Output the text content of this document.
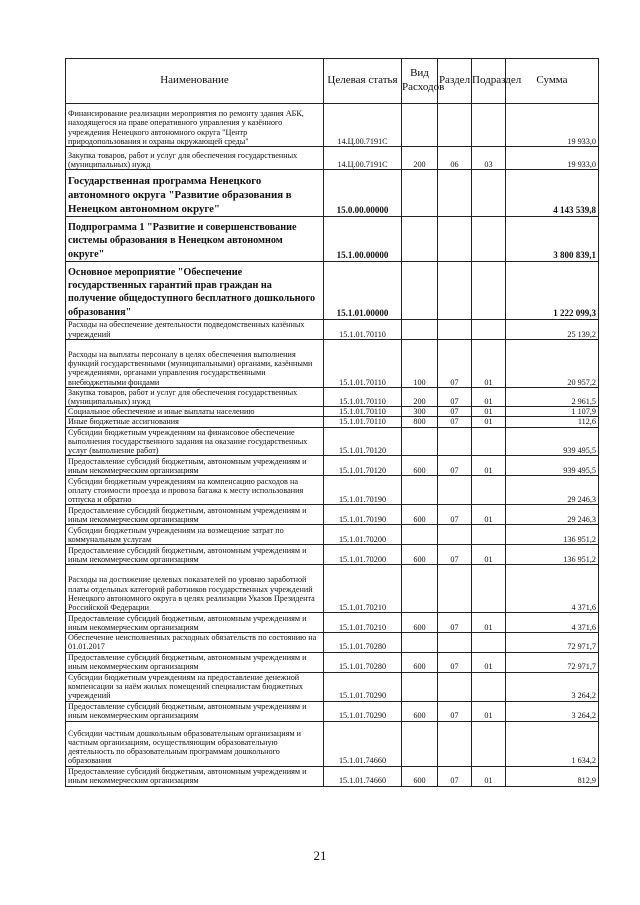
Наименование	Целевая статья	Вид Расходов	Раздел	Подраздел	Сумма
Финансирование реализации мероприятия по ремонту здания АБК, находящегося на праве оперативного управления у казённого учреждения Ненецкого автономного округа "Центр природопользования и охраны окружающей среды"	14.Ц.00.7191С				19 933,0
Закупка товаров, работ и услуг для обеспечения государственных (муниципальных) нужд	14.Ц.00.7191С	200	06	03	19 933,0
Государственная программа Ненецкого автономного округа "Развитие образования в Ненецком автономном округе"	15.0.00.00000				4 143 539,8
Подпрограмма 1 "Развитие и совершенствование системы образования в Ненецком автономном округе"	15.1.00.00000				3 800 839,1
Основное мероприятие "Обеспечение государственных гарантий прав граждан на получение общедоступного бесплатного дошкольного образования"	15.1.01.00000				1 222 099,3
Расходы на обеспечение деятельности подведомственных казённых учреждений	15.1.01.70110				25 139,2
Расходы на выплаты персоналу в целях обеспечения выполнения функций государственными (муниципальными) органами, казёнными учреждениями, органами управления государственными внебюджетными фондами	15.1.01.70110	100	07	01	20 957,2
Закупка товаров, работ и услуг для обеспечения государственных (муниципальных) нужд	15.1.01.70110	200	07	01	2 961,5
Социальное обеспечение и иные выплаты населению	15.1.01.70110	300	07	01	1 107,9
Иные бюджетные ассигнования	15.1.01.70110	800	07	01	112,6
Субсидии бюджетным учреждениям на финансовое обеспечение выполнения государственного задания на оказание государственных услуг (выполнение работ)	15.1.01.70120				939 495,5
Предоставление субсидий бюджетным, автономным учреждениям и иным некоммерческим организациям	15.1.01.70120	600	07	01	939 495,5
Субсидии бюджетным учреждениям на компенсацию расходов на оплату стоимости проезда и провоза багажа к месту использования отпуска и обратно	15.1.01.70190				29 246,3
Предоставление субсидий бюджетным, автономным учреждениям и иным некоммерческим организациям	15.1.01.70190	600	07	01	29 246,3
Субсидии бюджетным учреждениям на возмещение затрат по коммунальным услугам	15.1.01.70200				136 951,2
Предоставление субсидий бюджетным, автономным учреждениям и иным некоммерческим организациям	15.1.01.70200	600	07	01	136 951,2
Расходы на достижение целевых показателей по уровню заработной платы отдельных категорий работников государственных учреждений Ненецкого автономного округа в целях реализации Указов Президента Российской Федерации	15.1.01.70210				4 371,6
Предоставление субсидий бюджетным, автономным учреждениям и иным некоммерческим организациям	15.1.01.70210	600	07	01	4 371,6
Обеспечение неисполненных расходных обязательств по состоянию на 01.01.2017	15.1.01.70280				72 971,7
Предоставление субсидий бюджетным, автономным учреждениям и иным некоммерческим организациям	15.1.01.70280	600	07	01	72 971,7
Субсидии бюджетным учреждениям на предоставление денежной компенсации за наём жилых помещений специалистам бюджетных учреждений	15.1.01.70290				3 264,2
Предоставление субсидий бюджетным, автономным учреждениям и иным некоммерческим организациям	15.1.01.70290	600	07	01	3 264,2
Субсидии частным дошкольным образовательным организациям и частным организациям, осуществляющим образовательную деятельность по образовательным программам дошкольного образования	15.1.01.74660				1 634,2
Предоставление субсидий бюджетным, автономным учреждениям и иным некоммерческим организациям	15.1.01.74660	600	07	01	812,9
21
